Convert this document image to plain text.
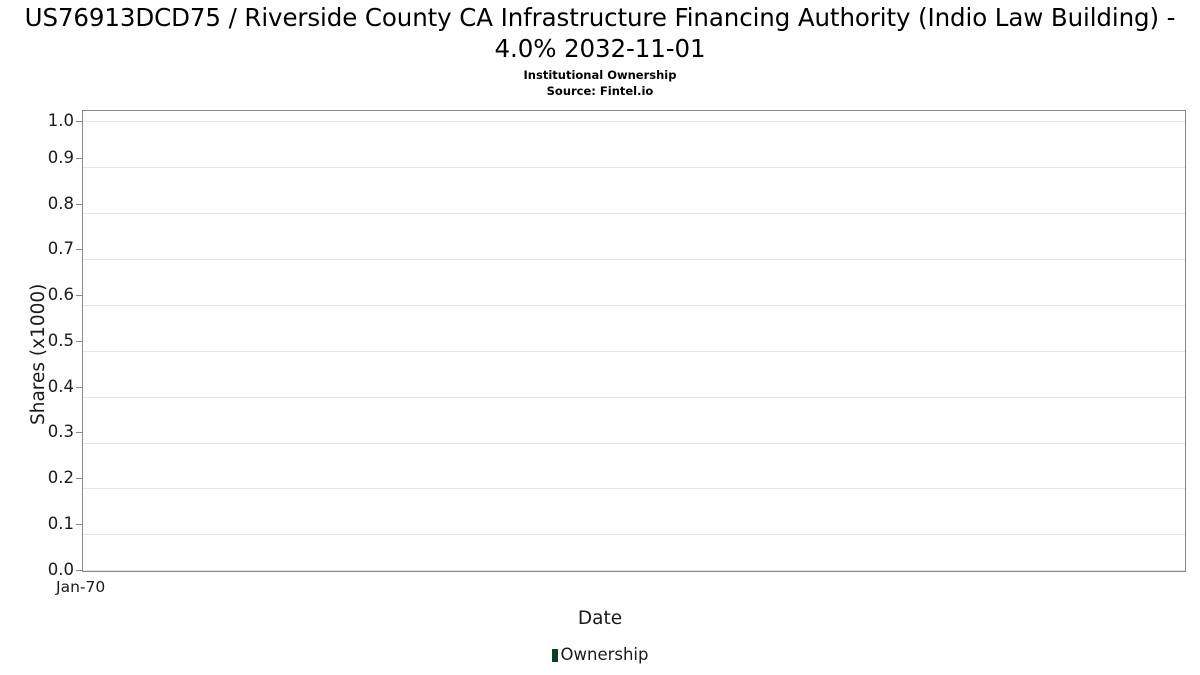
US76913DCD75 / Riverside County CA Infrastructure Financing Authority (Indio Law Building) - 4.0% 2032-11-01
Institutional Ownership
Source: Fintel.io
Shares (x1000)
0.0
0.1
0.2
0.3
0.4
0.5
0.6
0.7
0.8
0.9
1.0
Jan-70
Date
Ownership
